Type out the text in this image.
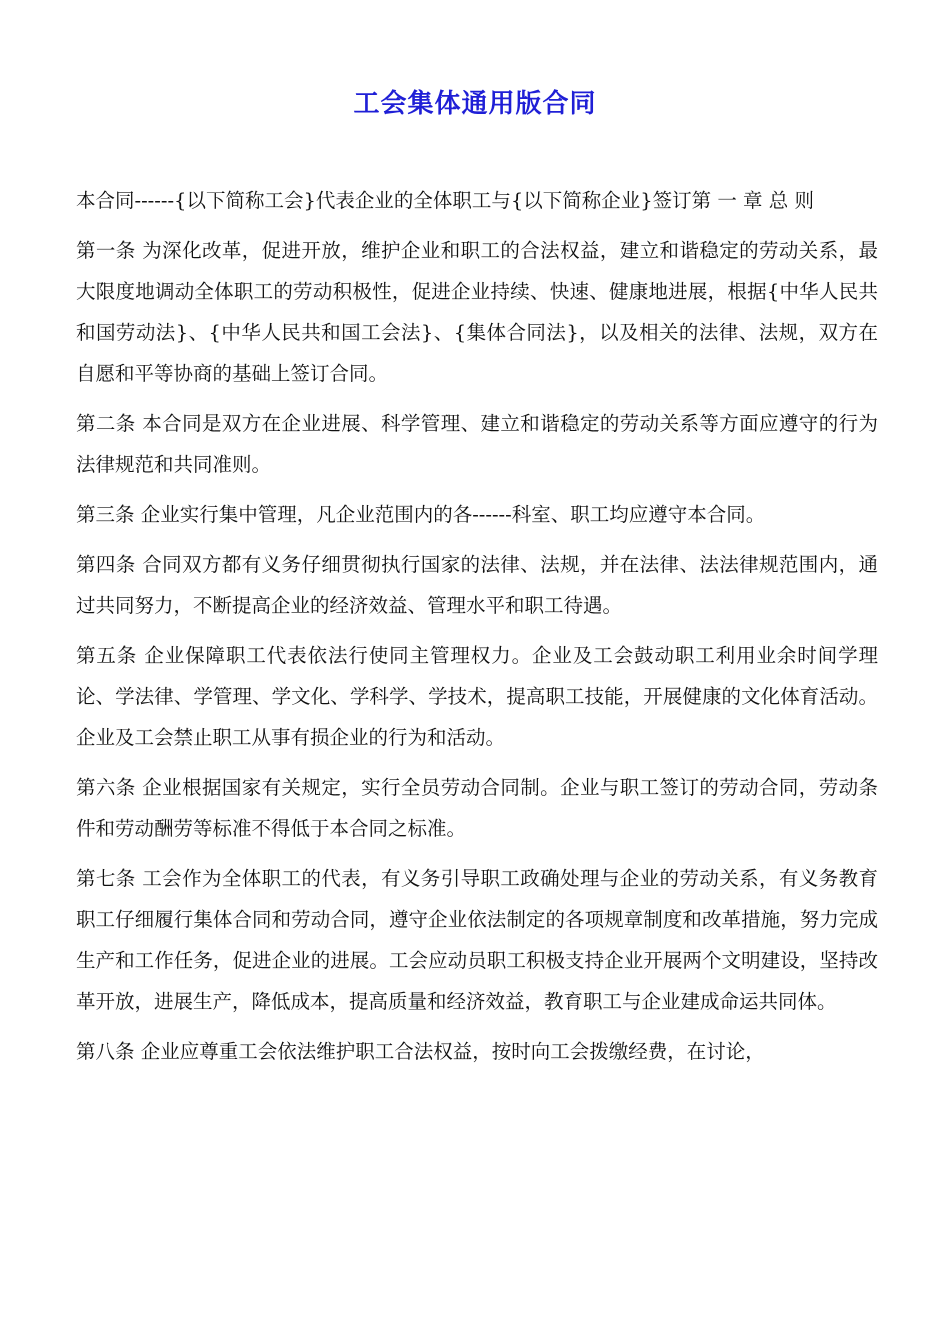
工会集体通用版合同

本合同------{以下简称工会}代表企业的全体职工与{以下简称企业}签订第 一 章 总 则

第一条 为深化改革，促进开放，维护企业和职工的合法权益，建立和谐稳定的劳动关系，最大限度地调动全体职工的劳动积极性，促进企业持续、快速、健康地进展，根据{中华人民共和国劳动法}、{中华人民共和国工会法}、{集体合同法}，以及相关的法律、法规，双方在自愿和平等协商的基础上签订合同。

第二条 本合同是双方在企业进展、科学管理、建立和谐稳定的劳动关系等方面应遵守的行为法律规范和共同准则。

第三条 企业实行集中管理，凡企业范围内的各------科室、职工均应遵守本合同。

第四条 合同双方都有义务仔细贯彻执行国家的法律、法规，并在法律、法法律规范围内，通过共同努力，不断提高企业的经济效益、管理水平和职工待遇。

第五条 企业保障职工代表依法行使同主管理权力。企业及工会鼓动职工利用业余时间学理论、学法律、学管理、学文化、学科学、学技术，提高职工技能，开展健康的文化体育活动。企业及工会禁止职工从事有损企业的行为和活动。

第六条 企业根据国家有关规定，实行全员劳动合同制。企业与职工签订的劳动合同，劳动条件和劳动酬劳等标准不得低于本合同之标准。

第七条 工会作为全体职工的代表，有义务引导职工政确处理与企业的劳动关系，有义务教育职工仔细履行集体合同和劳动合同，遵守企业依法制定的各项规章制度和改革措施，努力完成生产和工作任务，促进企业的进展。工会应动员职工积极支持企业开展两个文明建设，坚持改革开放，进展生产，降低成本，提高质量和经济效益，教育职工与企业建成命运共同体。

第八条 企业应尊重工会依法维护职工合法权益，按时向工会拨缴经费，在讨论，
